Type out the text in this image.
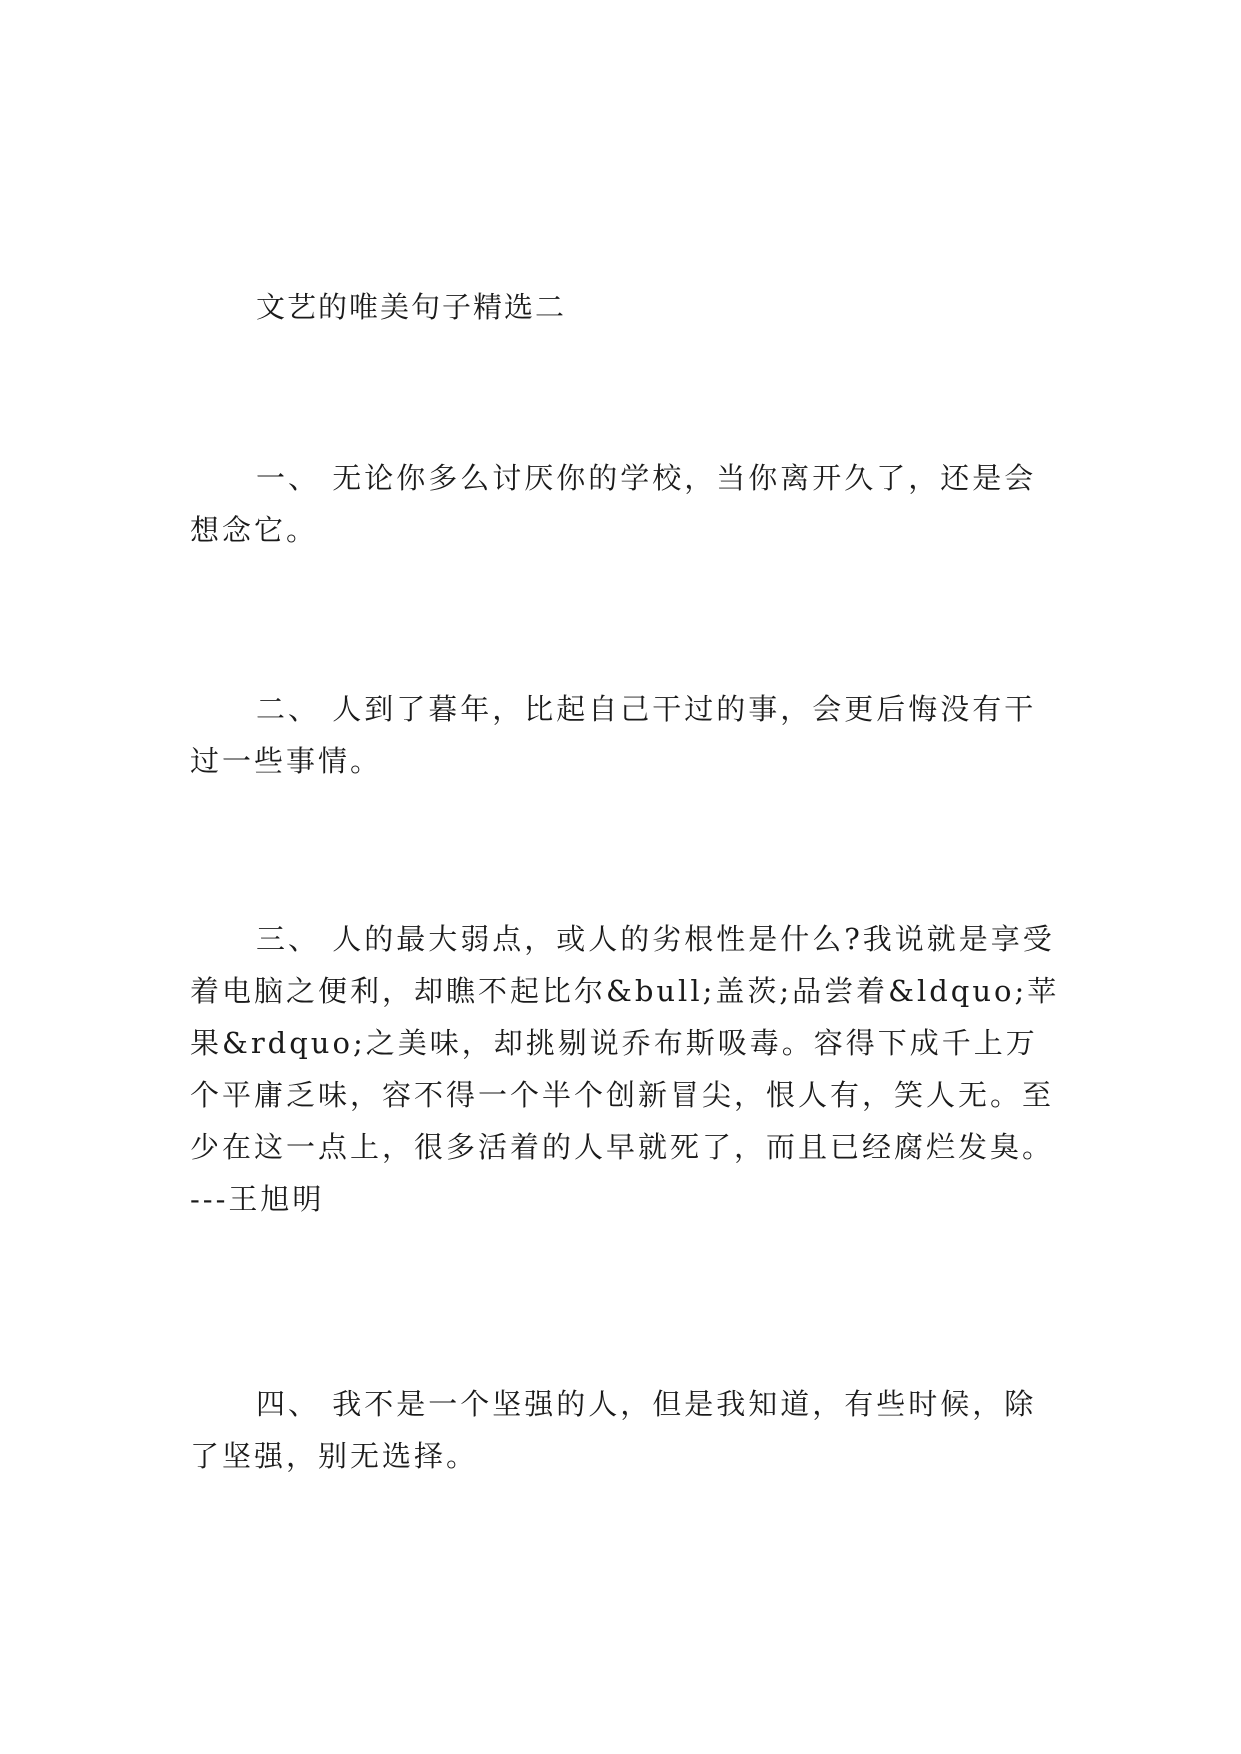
文艺的唯美句子精选二

一、 无论你多么讨厌你的学校，当你离开久了，还是会想念它。

二、 人到了暮年，比起自己干过的事，会更后悔没有干过一些事情。

三、 人的最大弱点，或人的劣根性是什么?我说就是享受着电脑之便利，却瞧不起比尔&bull;盖茨;品尝着&ldquo;苹果&rdquo;之美味，却挑剔说乔布斯吸毒。容得下成千上万个平庸乏味，容不得一个半个创新冒尖，恨人有，笑人无。至少在这一点上，很多活着的人早就死了，而且已经腐烂发臭。---王旭明

四、 我不是一个坚强的人，但是我知道，有些时候，除了坚强，别无选择。
